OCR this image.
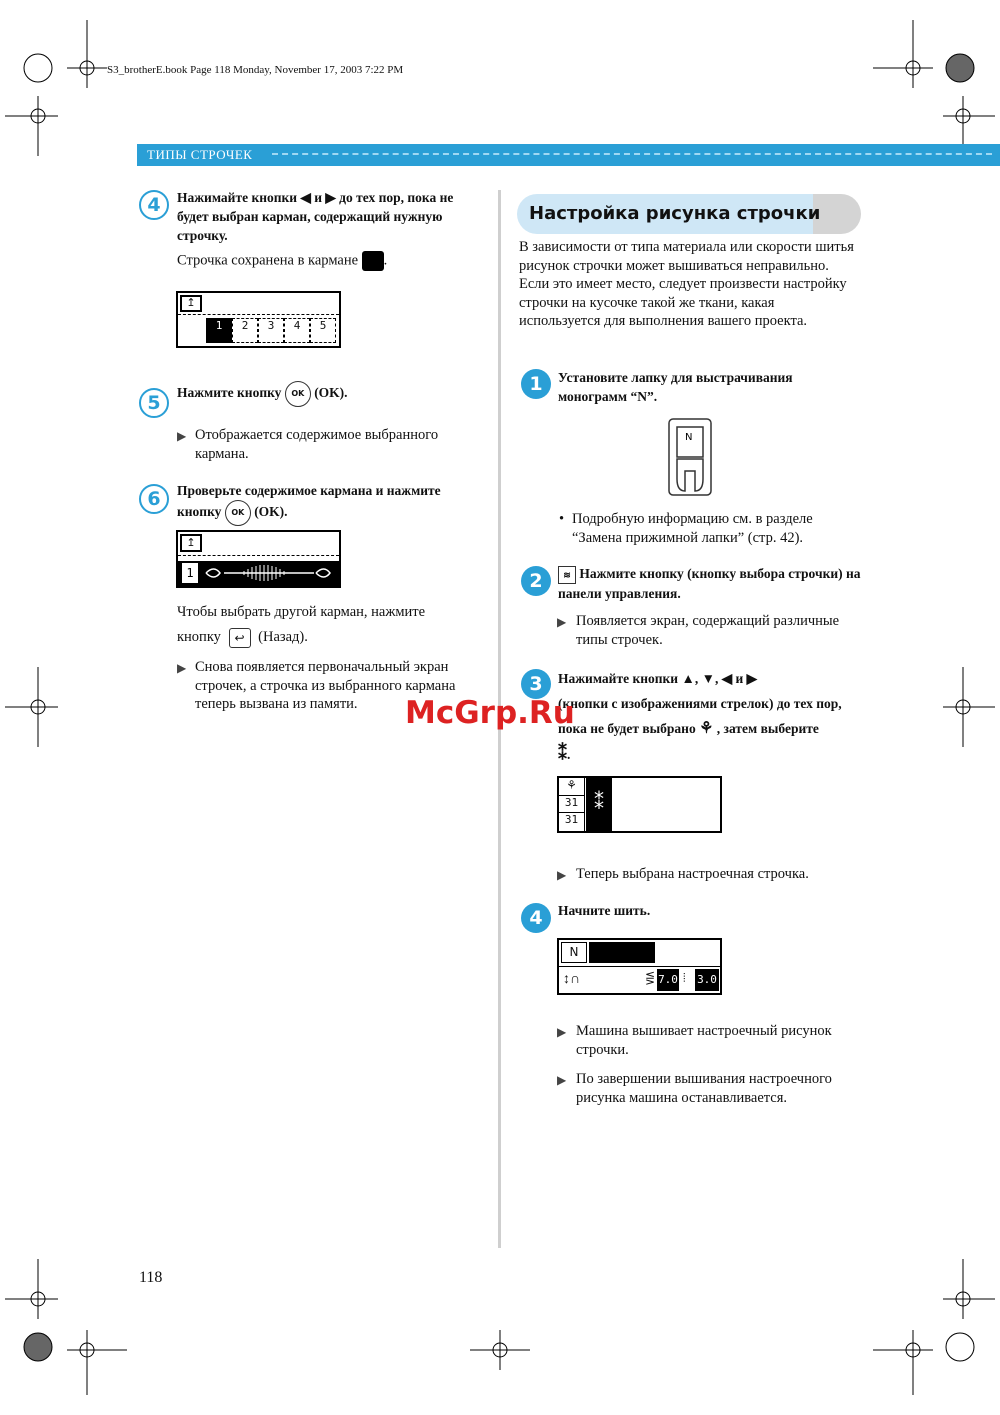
S3_brotherE.book Page 118 Monday, November 17, 2003 7:22 PM
ТИПЫ СТРОЧЕК
4	Нажимайте кнопки ◀ и ▶ до тех пор, пока не будет выбран карман, содержащий нужную строчку.
Строчка сохранена в кармане .
↥
1	2	3	4	5
5	Нажмите кнопку OK (OK).
▶ Отображается содержимое выбранного кармана.
6	Проверьте содержимое кармана и нажмите
кнопку OK (OK).
↥
1
Чтобы выбрать другой карман, нажмите
кнопку ↩ (Назад).
▶ Снова появляется первоначальный экран строчек, а строчка из выбранного кармана теперь вызвана из памяти.
Настройка рисунка строчки
В зависимости от типа материала или скорости шитья рисунок строчки может вышиваться неправильно. Если это имеет место, следует произвести настройку строчки на кусочке такой же ткани, какая используется для выполнения вашего проекта.
1	Установите лапку для выстрачивания монограмм “N”.
N
• Подробную информацию см. в разделе “Замена прижимной лапки” (стр. 42).
2	≋ Нажмите кнопку (кнопку выбора строчки) на панели управления.
▶ Появляется экран, содержащий различные типы строчек.
3	Нажимайте кнопки ▲, ▼, ◀ и ▶
(кнопки с изображениями стрелок) до тех пор,
пока не будет выбрано ⚘ , затем выберите
⁑.
⚘
31
31
⁑
▶ Теперь выбрана настроечная строчка.
4	Начните шить.
N
↕∩	⋚ 7.0 ⦙ 3.0
▶ Машина вышивает настроечный рисунок строчки.
▶ По завершении вышивания настроечного рисунка машина останавливается.
McGrp.Ru
118
